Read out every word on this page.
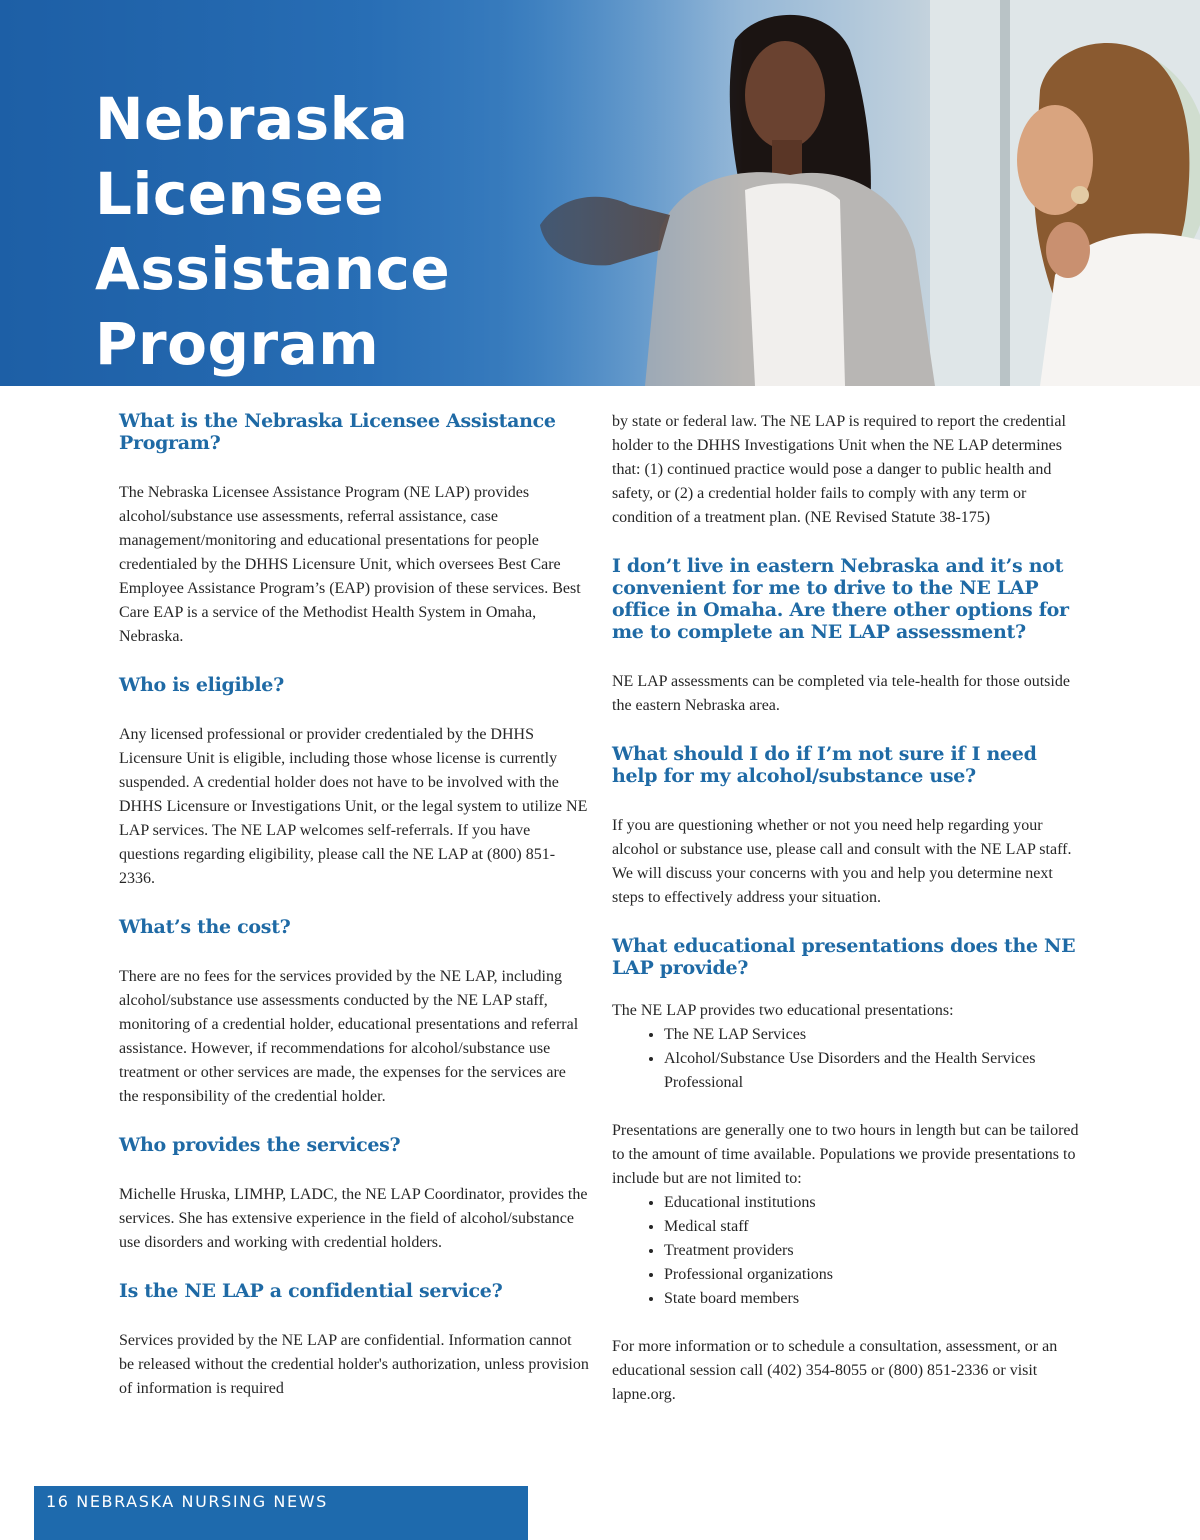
Nebraska
Licensee
Assistance
Program
What is the Nebraska Licensee Assistance Program?

The Nebraska Licensee Assistance Program (NE LAP) provides alcohol/substance use assessments, referral assistance, case management/monitoring and educational presentations for people credentialed by the DHHS Licensure Unit, which oversees Best Care Employee Assistance Program’s (EAP) provision of these services. Best Care EAP is a service of the Methodist Health System in Omaha, Nebraska.

Who is eligible?

Any licensed professional or provider credentialed by the DHHS Licensure Unit is eligible, including those whose license is currently suspended. A credential holder does not have to be involved with the DHHS Licensure or Investigations Unit, or the legal system to utilize NE LAP services. The NE LAP welcomes self-referrals. If you have questions regarding eligibility, please call the NE LAP at (800) 851-2336.

What’s the cost?

There are no fees for the services provided by the NE LAP, including alcohol/substance use assessments conducted by the NE LAP staff, monitoring of a credential holder, educational presentations and referral assistance. However, if recommendations for alcohol/substance use treatment or other services are made, the expenses for the services are the responsibility of the credential holder.

Who provides the services?

Michelle Hruska, LIMHP, LADC, the NE LAP Coordinator, provides the services. She has extensive experience in the field of alcohol/substance use disorders and working with credential holders.

Is the NE LAP a confidential service?

Services provided by the NE LAP are confidential. Information cannot be released without the credential holder's authorization, unless provision of information is required

by state or federal law. The NE LAP is required to report the credential holder to the DHHS Investigations Unit when the NE LAP determines that: (1) continued practice would pose a danger to public health and safety, or (2) a credential holder fails to comply with any term or condition of a treatment plan. (NE Revised Statute 38-175)

I don’t live in eastern Nebraska and it’s not convenient for me to drive to the NE LAP office in Omaha. Are there other options for me to complete an NE LAP assessment?

NE LAP assessments can be completed via tele-health for those outside the eastern Nebraska area.

What should I do if I’m not sure if I need help for my alcohol/substance use?

If you are questioning whether or not you need help regarding your alcohol or substance use, please call and consult with the NE LAP staff. We will discuss your concerns with you and help you determine next steps to effectively address your situation.

What educational presentations does the NE LAP provide?

The NE LAP provides two educational presentations:

• The NE LAP Services
• Alcohol/Substance Use Disorders and the Health Services Professional

Presentations are generally one to two hours in length but can be tailored to the amount of time available. Populations we provide presentations to include but are not limited to:

• Educational institutions
• Medical staff
• Treatment providers
• Professional organizations
• State board members

For more information or to schedule a consultation, assessment, or an educational session call (402) 354-8055 or (800) 851-2336 or visit lapne.org.

16 NEBRASKA NURSING NEWS
